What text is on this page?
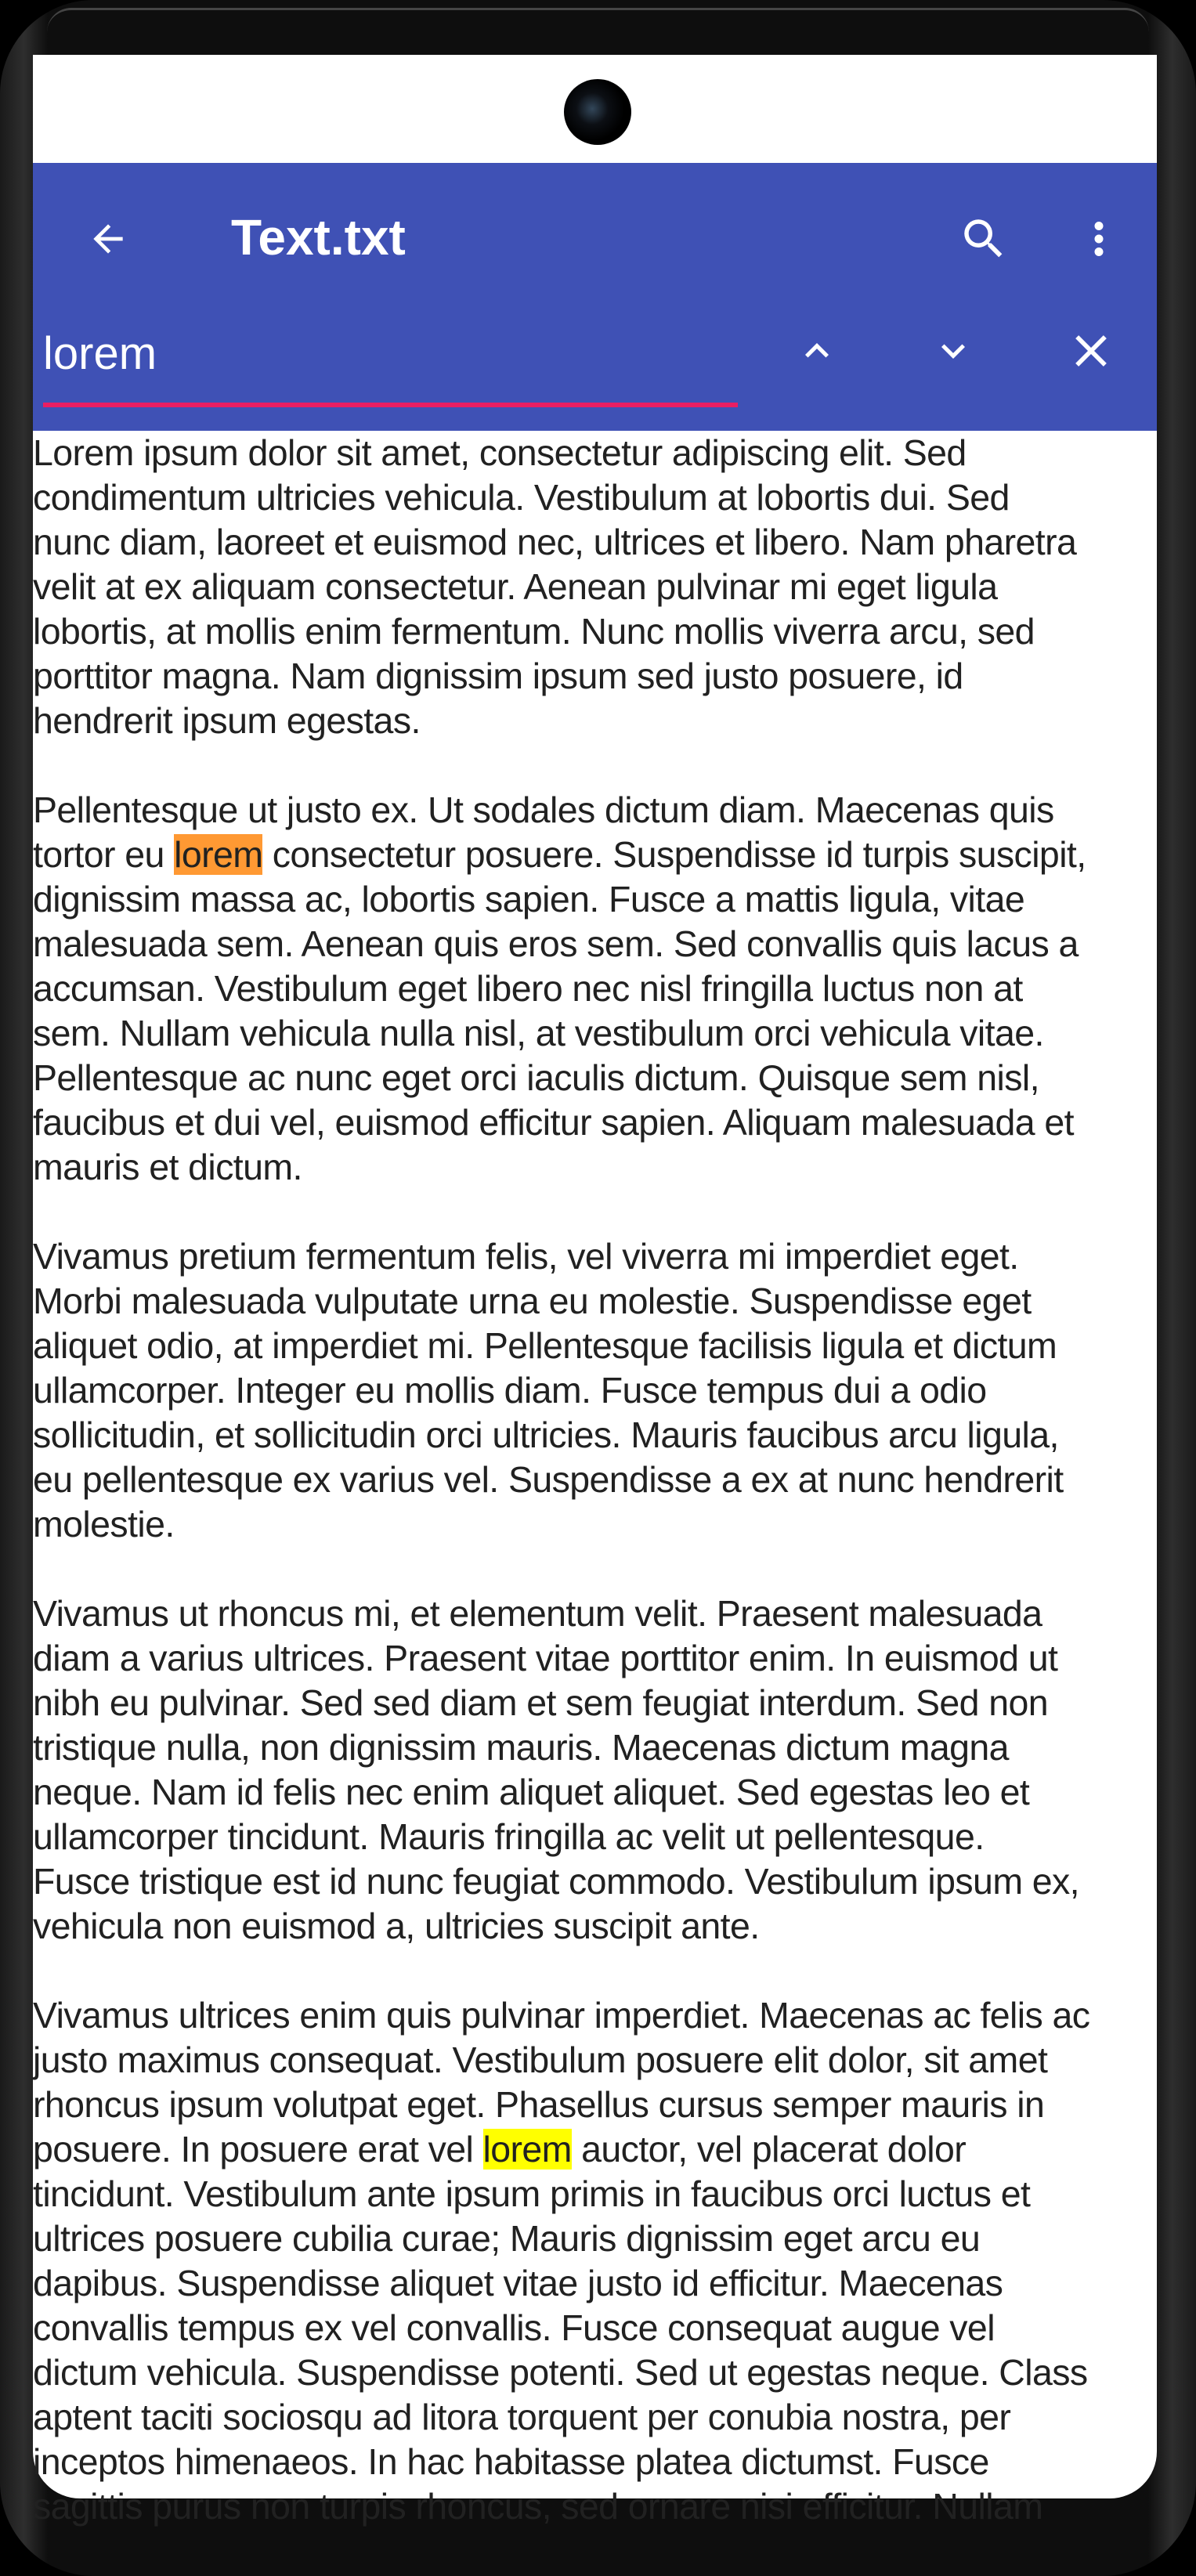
Text.txt
lorem
Lorem ipsum dolor sit amet, consectetur adipiscing elit. Sed
condimentum ultricies vehicula. Vestibulum at lobortis dui. Sed
nunc diam, laoreet et euismod nec, ultrices et libero. Nam pharetra
velit at ex aliquam consectetur. Aenean pulvinar mi eget ligula
lobortis, at mollis enim fermentum. Nunc mollis viverra arcu, sed
porttitor magna. Nam dignissim ipsum sed justo posuere, id
hendrerit ipsum egestas.
Pellentesque ut justo ex. Ut sodales dictum diam. Maecenas quis
tortor eu lorem consectetur posuere. Suspendisse id turpis suscipit,
dignissim massa ac, lobortis sapien. Fusce a mattis ligula, vitae
malesuada sem. Aenean quis eros sem. Sed convallis quis lacus a
accumsan. Vestibulum eget libero nec nisl fringilla luctus non at
sem. Nullam vehicula nulla nisl, at vestibulum orci vehicula vitae.
Pellentesque ac nunc eget orci iaculis dictum. Quisque sem nisl,
faucibus et dui vel, euismod efficitur sapien. Aliquam malesuada et
mauris et dictum.
Vivamus pretium fermentum felis, vel viverra mi imperdiet eget.
Morbi malesuada vulputate urna eu molestie. Suspendisse eget
aliquet odio, at imperdiet mi. Pellentesque facilisis ligula et dictum
ullamcorper. Integer eu mollis diam. Fusce tempus dui a odio
sollicitudin, et sollicitudin orci ultricies. Mauris faucibus arcu ligula,
eu pellentesque ex varius vel. Suspendisse a ex at nunc hendrerit
molestie.
Vivamus ut rhoncus mi, et elementum velit. Praesent malesuada
diam a varius ultrices. Praesent vitae porttitor enim. In euismod ut
nibh eu pulvinar. Sed sed diam et sem feugiat interdum. Sed non
tristique nulla, non dignissim mauris. Maecenas dictum magna
neque. Nam id felis nec enim aliquet aliquet. Sed egestas leo et
ullamcorper tincidunt. Mauris fringilla ac velit ut pellentesque.
Fusce tristique est id nunc feugiat commodo. Vestibulum ipsum ex,
vehicula non euismod a, ultricies suscipit ante.
Vivamus ultrices enim quis pulvinar imperdiet. Maecenas ac felis ac
justo maximus consequat. Vestibulum posuere elit dolor, sit amet
rhoncus ipsum volutpat eget. Phasellus cursus semper mauris in
posuere. In posuere erat vel lorem auctor, vel placerat dolor
tincidunt. Vestibulum ante ipsum primis in faucibus orci luctus et
ultrices posuere cubilia curae; Mauris dignissim eget arcu eu
dapibus. Suspendisse aliquet vitae justo id efficitur. Maecenas
convallis tempus ex vel convallis. Fusce consequat augue vel
dictum vehicula. Suspendisse potenti. Sed ut egestas neque. Class
aptent taciti sociosqu ad litora torquent per conubia nostra, per
inceptos himenaeos. In hac habitasse platea dictumst. Fusce
sagittis purus non turpis rhoncus, sed ornare nisi efficitur. Nullam
